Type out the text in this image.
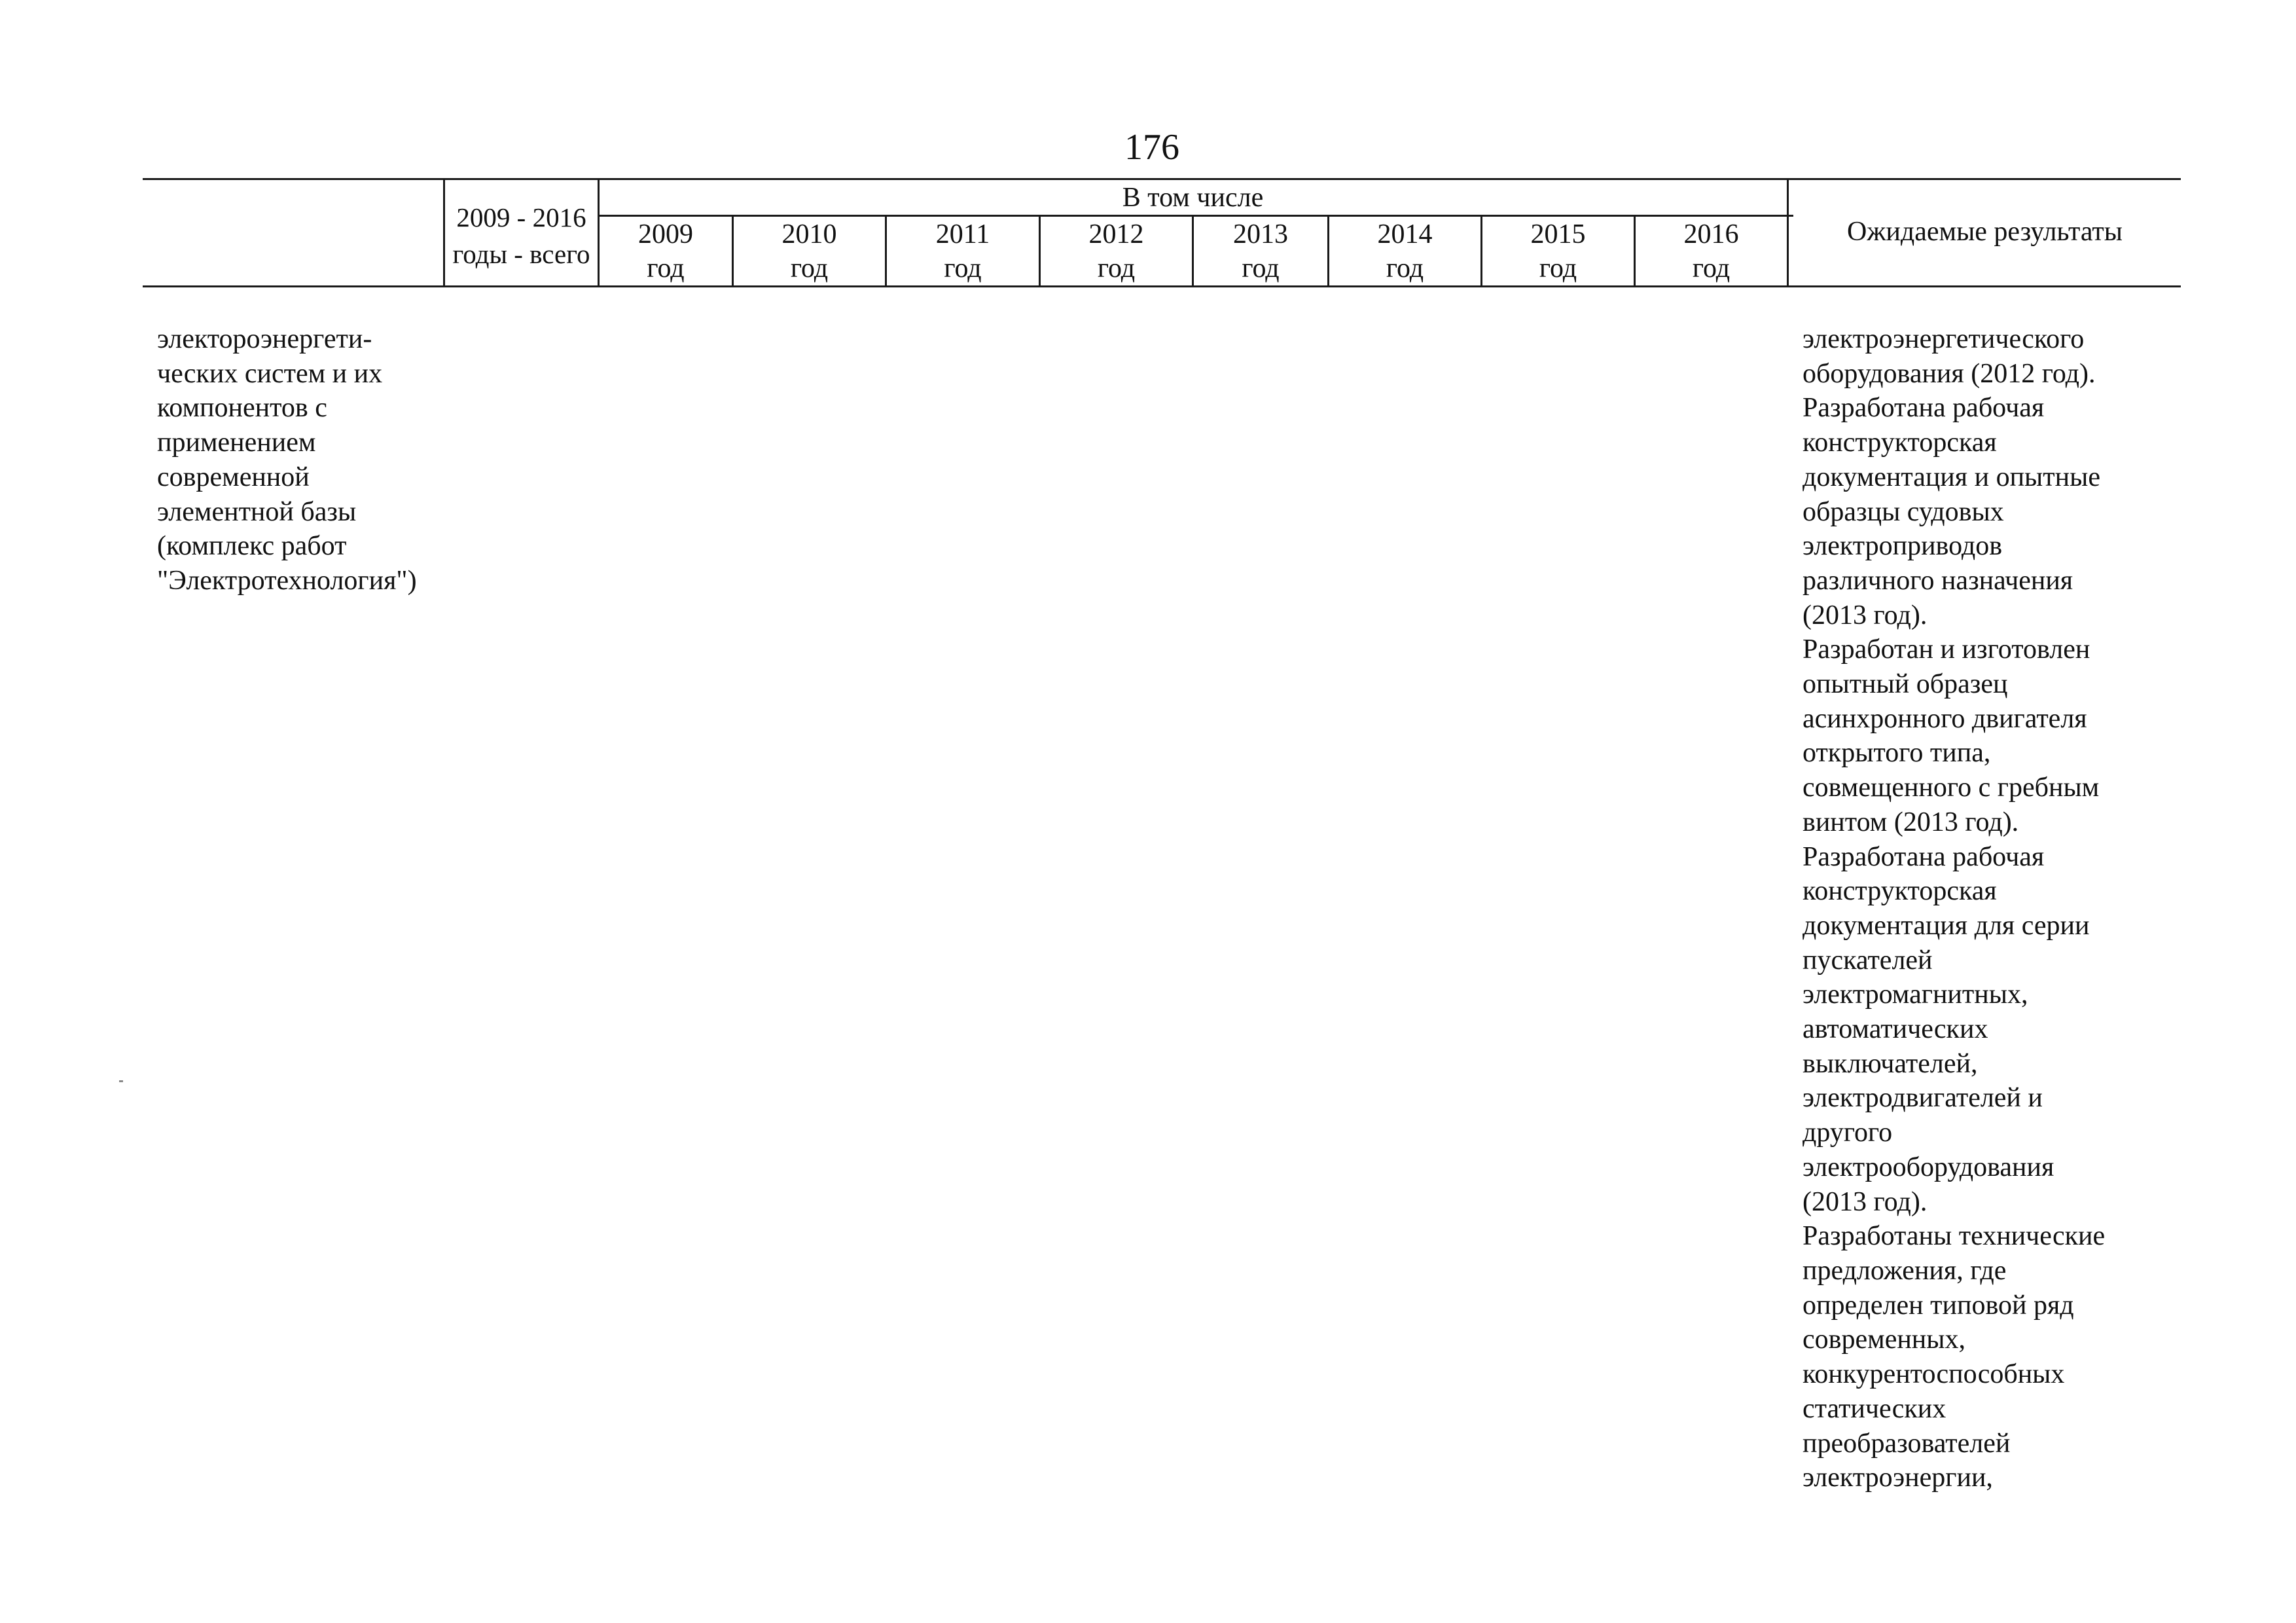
176
2009 - 2016
годы - всего
В том числе
2009
год
2010
год
2011
год
2012
год
2013
год
2014
год
2015
год
2016
год
Ожидаемые результаты
электороэнергети-
ческих систем и их
компонентов с
применением
современной
элементной базы
(комплекс работ
"Электротехнология")
электроэнергетического
оборудования (2012 год).
Разработана рабочая
конструкторская
документация и опытные
образцы судовых
электроприводов
различного назначения
(2013 год).
Разработан и изготовлен
опытный образец
асинхронного двигателя
открытого типа,
совмещенного с гребным
винтом (2013 год).
Разработана рабочая
конструкторская
документация для серии
пускателей
электромагнитных,
автоматических
выключателей,
электродвигателей и
другого
электрооборудования
(2013 год).
Разработаны технические
предложения, где
определен типовой ряд
современных,
конкурентоспособных
статических
преобразователей
электроэнергии,
